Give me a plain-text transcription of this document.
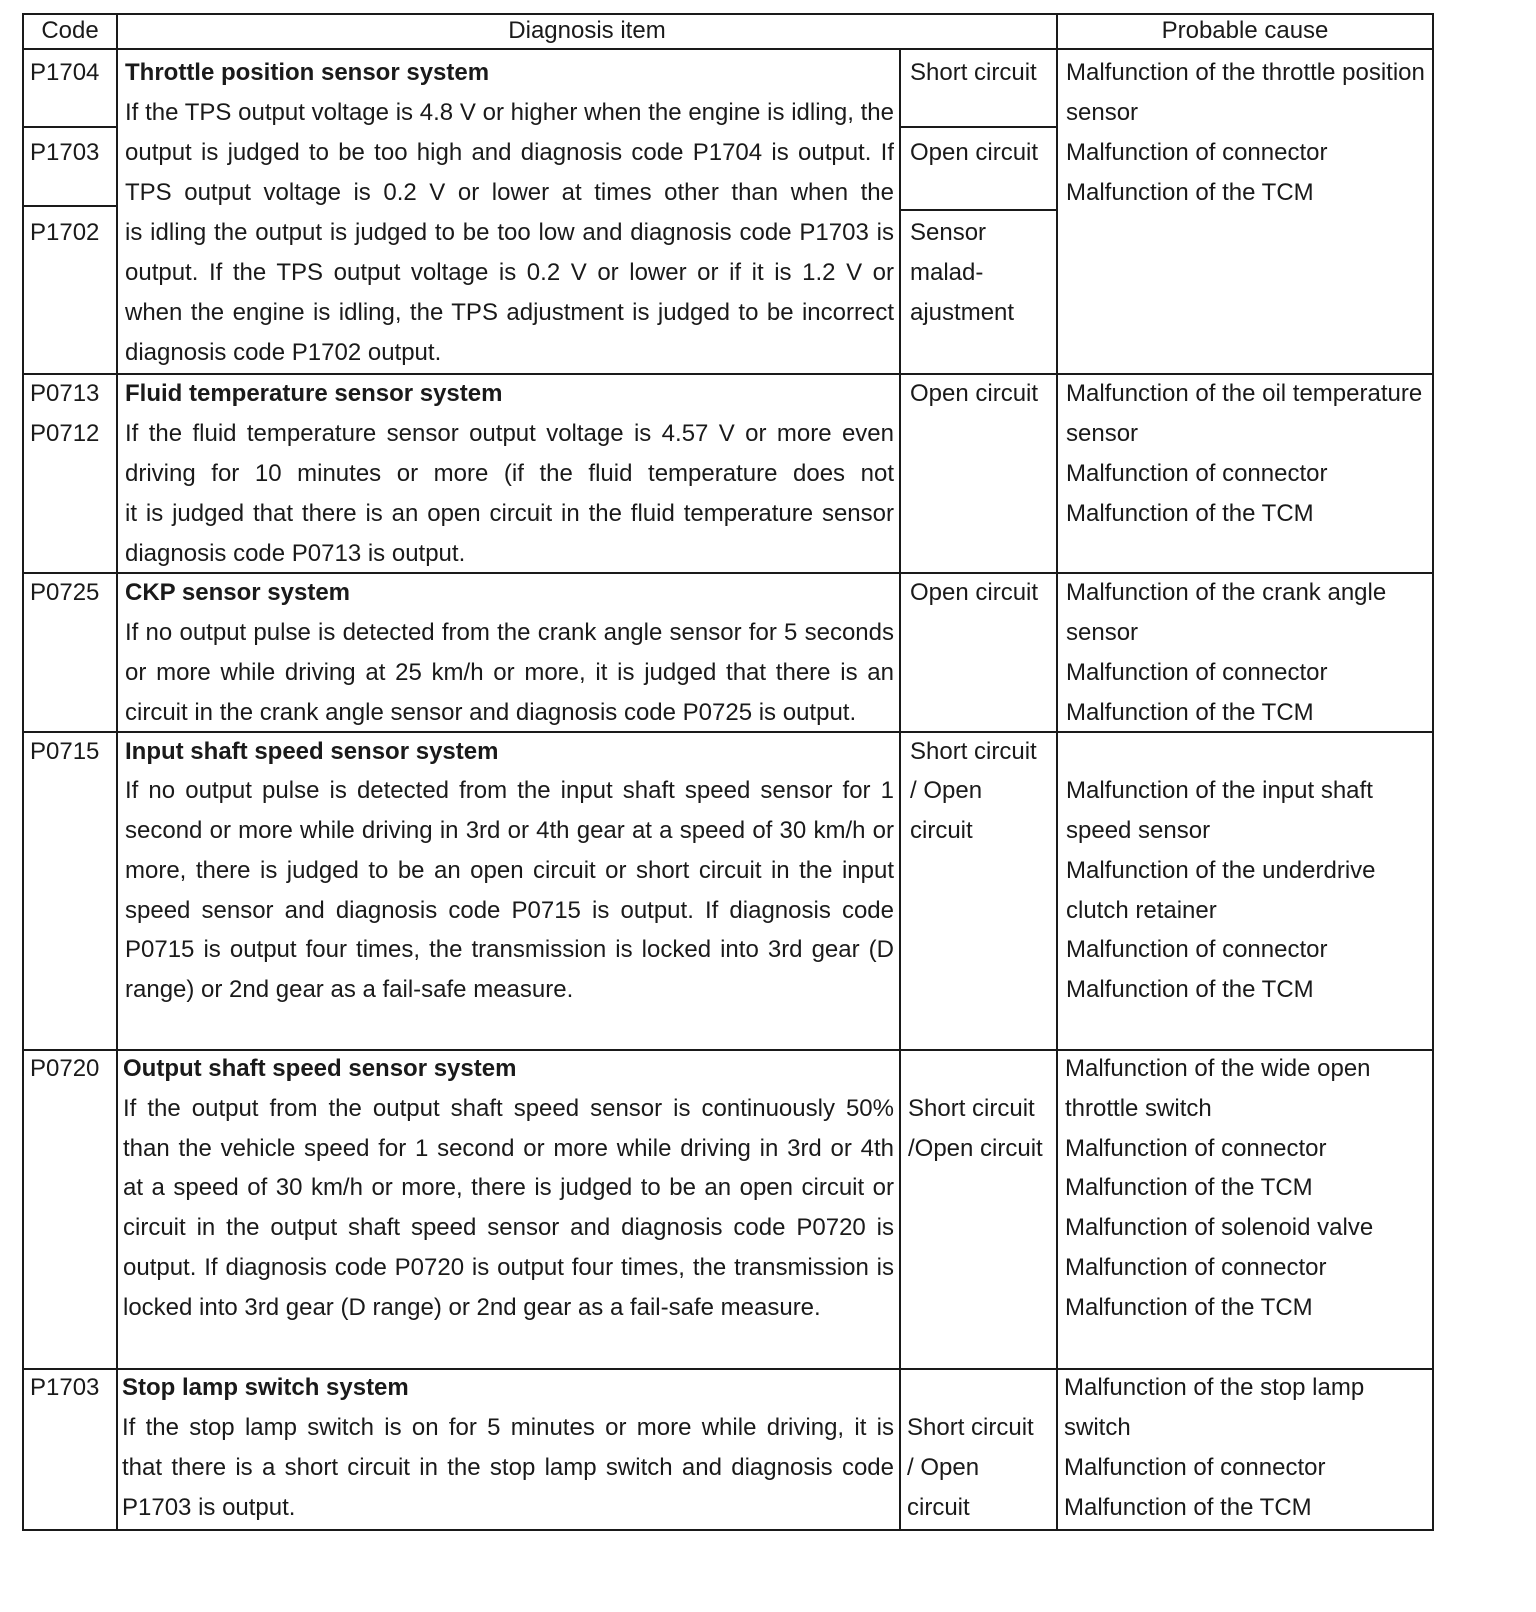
Code	Diagnosis item	Probable cause
P1704
P1703
P1702
Throttle position sensor system
If the TPS output voltage is 4.8 V or higher when the engine is idling, the
output is judged to be too high and diagnosis code P1704 is output. If
TPS output voltage is 0.2 V or lower at times other than when the
is idling the output is judged to be too low and diagnosis code P1703 is
output. If the TPS output voltage is 0.2 V or lower or if it is 1.2 V or
when the engine is idling, the TPS adjustment is judged to be incorrect
diagnosis code P1702 output.
Short circuit
Open circuit
Sensor
malad-
ajustment
Malfunction of the throttle position
sensor
Malfunction of connector
Malfunction of the TCM
P0713
P0712
Fluid temperature sensor system
If the fluid temperature sensor output voltage is 4.57 V or more even
driving for 10 minutes or more (if the fluid temperature does not
it is judged that there is an open circuit in the fluid temperature sensor
diagnosis code P0713 is output.
Open circuit Malfunction of the oil temperature
sensor
Malfunction of connector
Malfunction of the TCM
P0725 CKP sensor system
If no output pulse is detected from the crank angle sensor for 5 seconds
or more while driving at 25 km/h or more, it is judged that there is an
circuit in the crank angle sensor and diagnosis code P0725 is output.
Open circuit Malfunction of the crank angle
sensor
Malfunction of connector
Malfunction of the TCM
P0715 Input shaft speed sensor system
If no output pulse is detected from the input shaft speed sensor for 1
second or more while driving in 3rd or 4th gear at a speed of 30 km/h or
more, there is judged to be an open circuit or short circuit in the input
speed sensor and diagnosis code P0715 is output. If diagnosis code
P0715 is output four times, the transmission is locked into 3rd gear (D
range) or 2nd gear as a fail-safe measure.
Short circuit
/ Open
circuit
Malfunction of the input shaft
speed sensor
Malfunction of the underdrive
clutch retainer
Malfunction of connector
Malfunction of the TCM
P0720 Output shaft speed sensor system
If the output from the output shaft speed sensor is continuously 50%
than the vehicle speed for 1 second or more while driving in 3rd or 4th
at a speed of 30 km/h or more, there is judged to be an open circuit or
circuit in the output shaft speed sensor and diagnosis code P0720 is
output. If diagnosis code P0720 is output four times, the transmission is
locked into 3rd gear (D range) or 2nd gear as a fail-safe measure.
Short circuit
/Open circuit
Malfunction of the wide open
throttle switch
Malfunction of connector
Malfunction of the TCM
Malfunction of solenoid valve
Malfunction of connector
Malfunction of the TCM
P1703 Stop lamp switch system
If the stop lamp switch is on for 5 minutes or more while driving, it is
that there is a short circuit in the stop lamp switch and diagnosis code
P1703 is output.
Short circuit
/ Open
circuit
Malfunction of the stop lamp
switch
Malfunction of connector
Malfunction of the TCM
